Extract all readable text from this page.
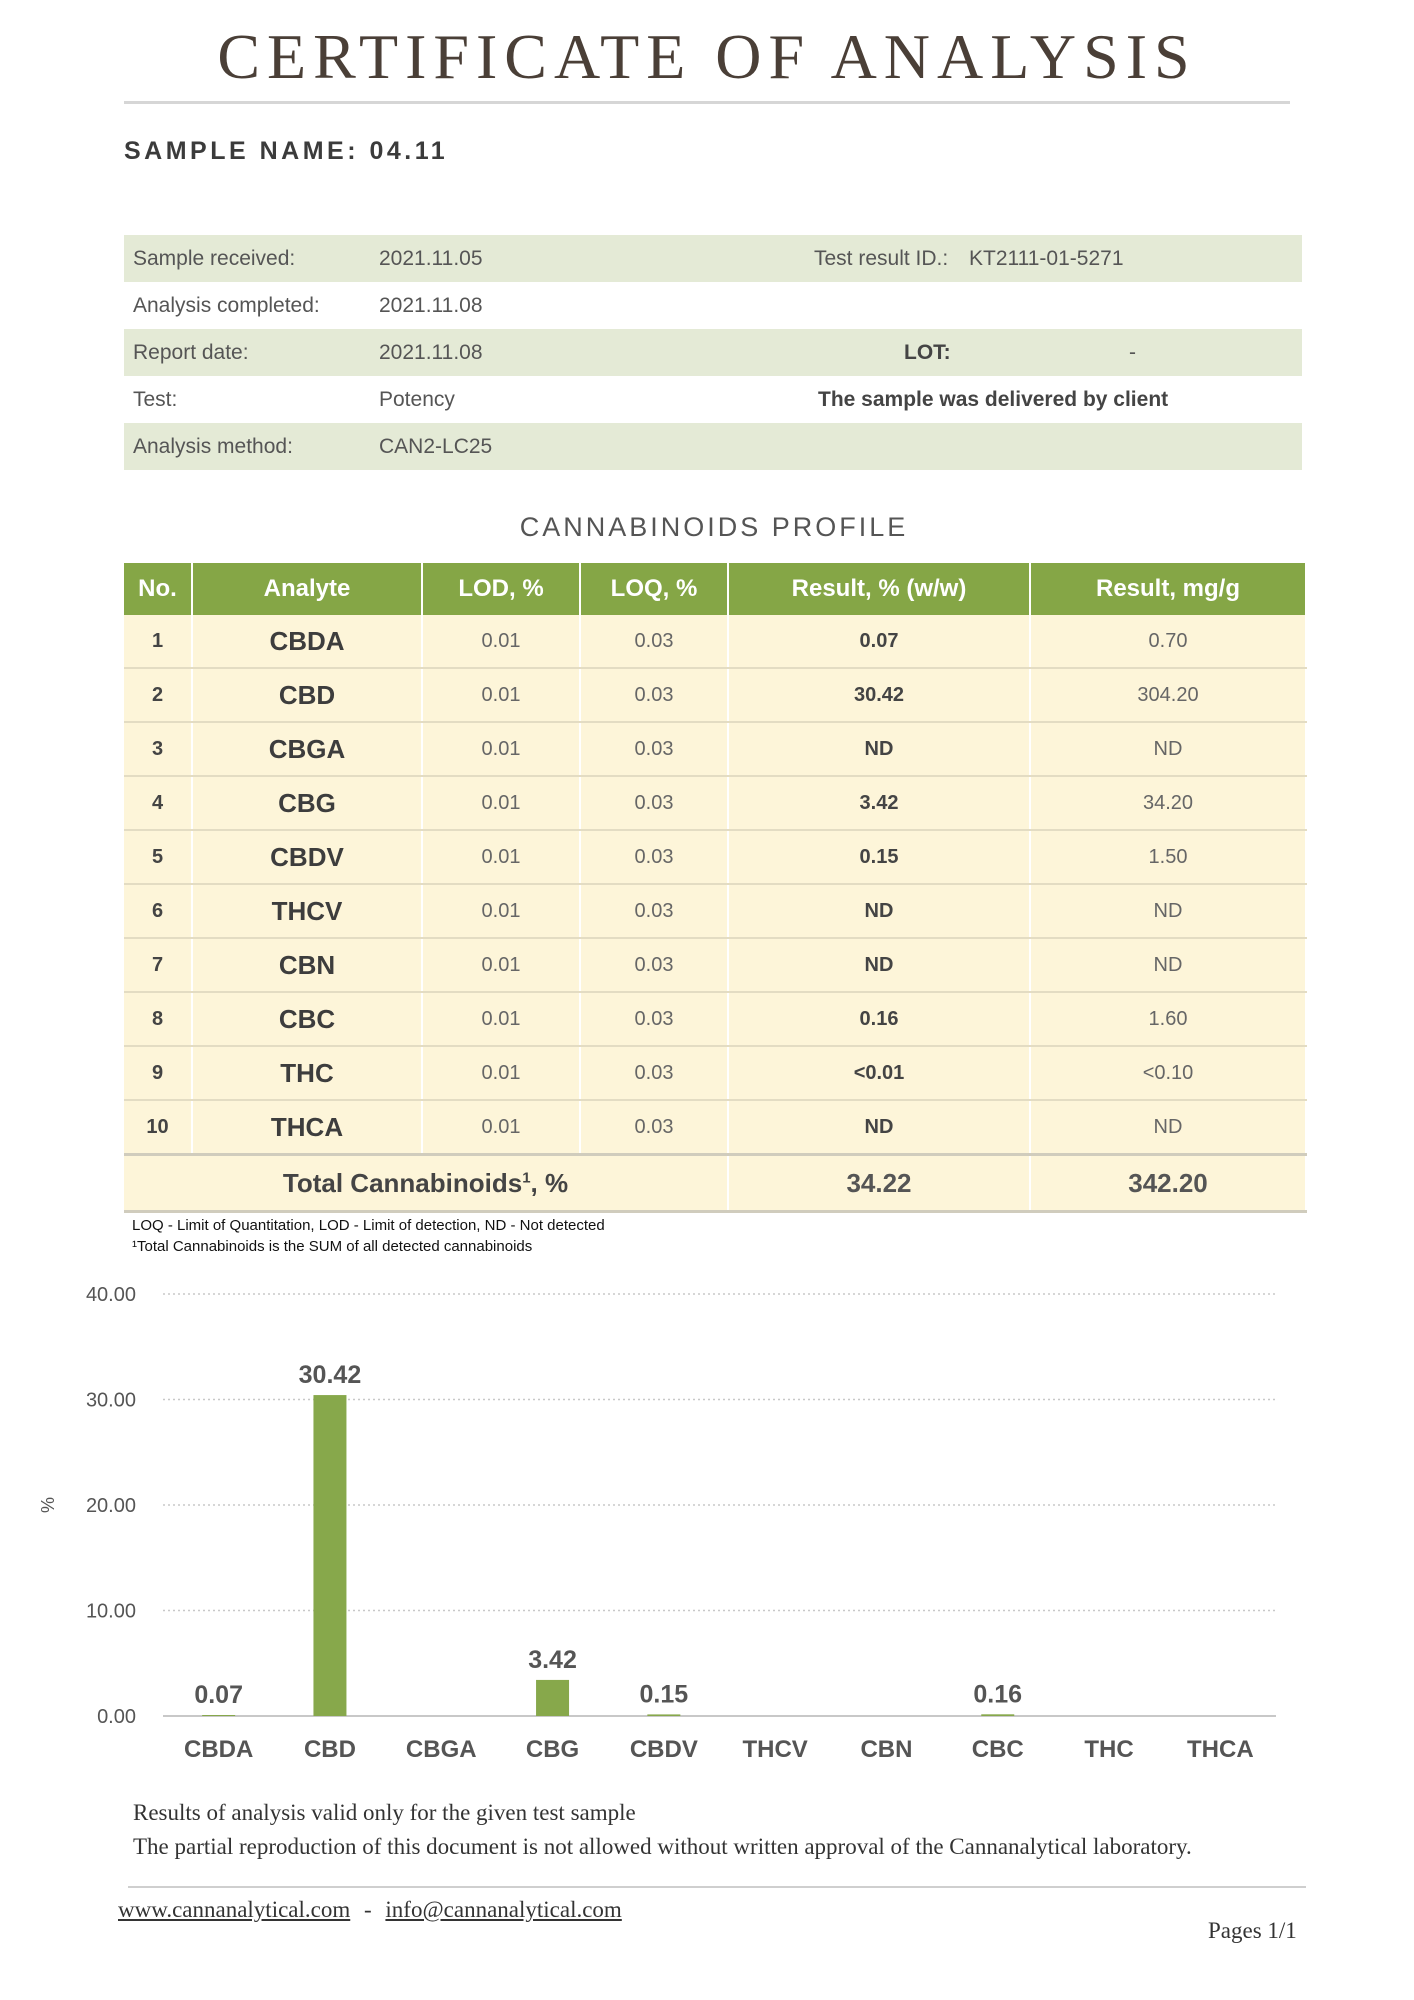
CERTIFICATE OF ANALYSIS
SAMPLE NAME: 04.11
Sample received:	2021.11.05	Test result ID.: KT2111-01-5271
Analysis completed:	2021.11.08
Report date:	2021.11.08	LOT:	-
Test:	Potency	The sample was delivered by client
Analysis method:	CAN2-LC25
CANNABINOIDS PROFILE
No.	Analyte	LOD, %	LOQ, %	Result, % (w/w)	Result, mg/g
1	CBDA	0.01	0.03	0.07	0.70
2	CBD	0.01	0.03	30.42	304.20
3	CBGA	0.01	0.03	ND	ND
4	CBG	0.01	0.03	3.42	34.20
5	CBDV	0.01	0.03	0.15	1.50
6	THCV	0.01	0.03	ND	ND
7	CBN	0.01	0.03	ND	ND
8	CBC	0.01	0.03	0.16	1.60
9	THC	0.01	0.03	<0.01	<0.10
10	THCA	0.01	0.03	ND	ND
Total Cannabinoids$^1$, %				34.22	342.20
LOQ - Limit of Quantitation, LOD - Limit of detection, ND - Not detected
¹Total Cannabinoids is the SUM of all detected cannabinoids
0.00
10.00
20.00
30.00
40.00
%
0.07
CBDA
30.42
CBD CBGA
3.42
CBG
0.15
CBDV THCV CBN
0.16
CBC	THC THCA
Results of analysis valid only for the given test sample
The partial reproduction of this document is not allowed without written approval of the Cannanalytical laboratory.
www.cannanalytical.com - info@cannanalytical.com
Pages 1/1
